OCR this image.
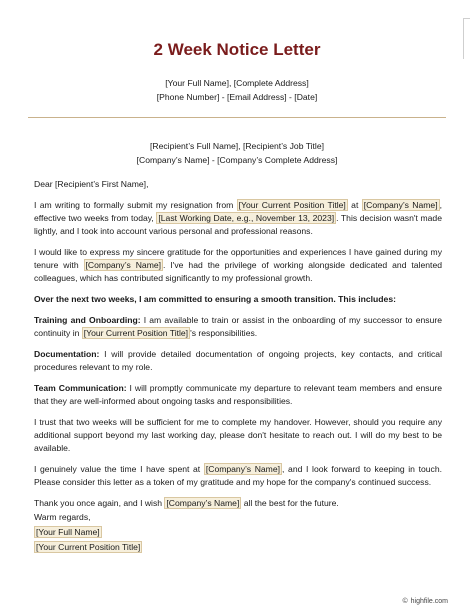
2 Week Notice Letter
[Your Full Name], [Complete Address]
[Phone Number] - [Email Address] - [Date]
[Recipient’s Full Name], [Recipient’s Job Title]
[Company’s Name] - [Company’s Complete Address]

Dear [Recipient’s First Name],

I am writing to formally submit my resignation from [Your Current Position Title] at [Company’s Name] , effective two weeks from today, [Last Working Date, e.g., November 13, 2023] . This decision wasn't made lightly, and I took into account various personal and professional reasons.

I would like to express my sincere gratitude for the opportunities and experiences I have gained during my tenure with [Company’s Name] . I've had the privilege of working alongside dedicated and talented colleagues, which has contributed significantly to my professional growth.

Over the next two weeks, I am committed to ensuring a smooth transition. This includes:

Training and Onboarding: I am available to train or assist in the onboarding of my successor to ensure continuity in [Your Current Position Title] 's responsibilities.

Documentation: I will provide detailed documentation of ongoing projects, key contacts, and critical procedures relevant to my role.

Team Communication: I will promptly communicate my departure to relevant team members and ensure that they are well-informed about ongoing tasks and responsibilities.

I trust that two weeks will be sufficient for me to complete my handover. However, should you require any additional support beyond my last working day, please don't hesitate to reach out. I will do my best to be available.

I genuinely value the time I have spent at [Company’s Name] , and I look forward to keeping in touch. Please consider this letter as a token of my gratitude and my hope for the company's continued success.

Thank you once again, and I wish [Company’s Name] all the best for the future.

Warm regards,
[Your Full Name]
[Your Current Position Title]
© highfile.com
